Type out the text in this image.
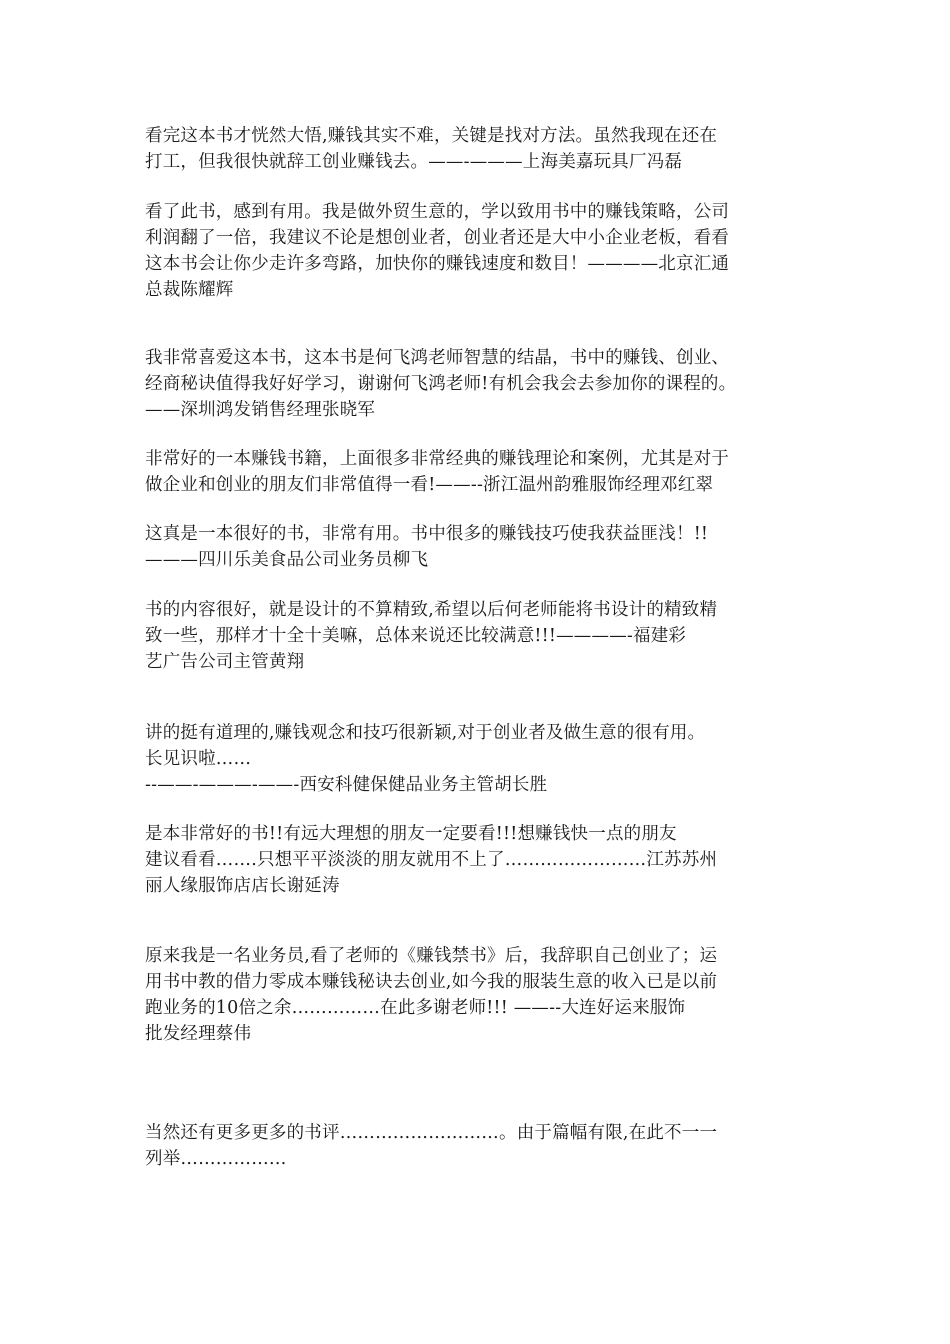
看完这本书才恍然大悟,赚钱其实不难，关键是找对方法。虽然我现在还在
打工，但我很快就辞工创业赚钱去。——-———上海美嘉玩具厂冯磊

看了此书，感到有用。我是做外贸生意的，学以致用书中的赚钱策略，公司
利润翻了一倍，我建议不论是想创业者，创业者还是大中小企业老板，看看
这本书会让你少走许多弯路，加快你的赚钱速度和数目！————北京汇通
总裁陈耀辉

我非常喜爱这本书，这本书是何飞鸿老师智慧的结晶，书中的赚钱、创业、
经商秘诀值得我好好学习，谢谢何飞鸿老师!有机会我会去参加你的课程的。
——深圳鸿发销售经理张晓军

非常好的一本赚钱书籍，上面很多非常经典的赚钱理论和案例，尤其是对于
做企业和创业的朋友们非常值得一看!——--浙江温州韵雅服饰经理邓红翠

这真是一本很好的书，非常有用。书中很多的赚钱技巧使我获益匪浅！!!
———四川乐美食品公司业务员柳飞

书的内容很好，就是设计的不算精致,希望以后何老师能将书设计的精致精
致一些，那样才十全十美嘛，总体来说还比较满意!!!————-福建彩
艺广告公司主管黄翔

讲的挺有道理的,赚钱观念和技巧很新颖,对于创业者及做生意的很有用。
长见识啦……
--——-———-——-西安科健保健品业务主管胡长胜

是本非常好的书!!有远大理想的朋友一定要看!!!想赚钱快一点的朋友
建议看看…….只想平平淡淡的朋友就用不上了……………………江苏苏州
丽人缘服饰店店长谢延涛

原来我是一名业务员,看了老师的《赚钱禁书》后，我辞职自己创业了；运
用书中教的借力零成本赚钱秘诀去创业,如今我的服装生意的收入已是以前
跑业务的10倍之余……………在此多谢老师!!! ——--大连好运来服饰
批发经理蔡伟

当然还有更多更多的书评………………………。由于篇幅有限,在此不一一
列举………………
